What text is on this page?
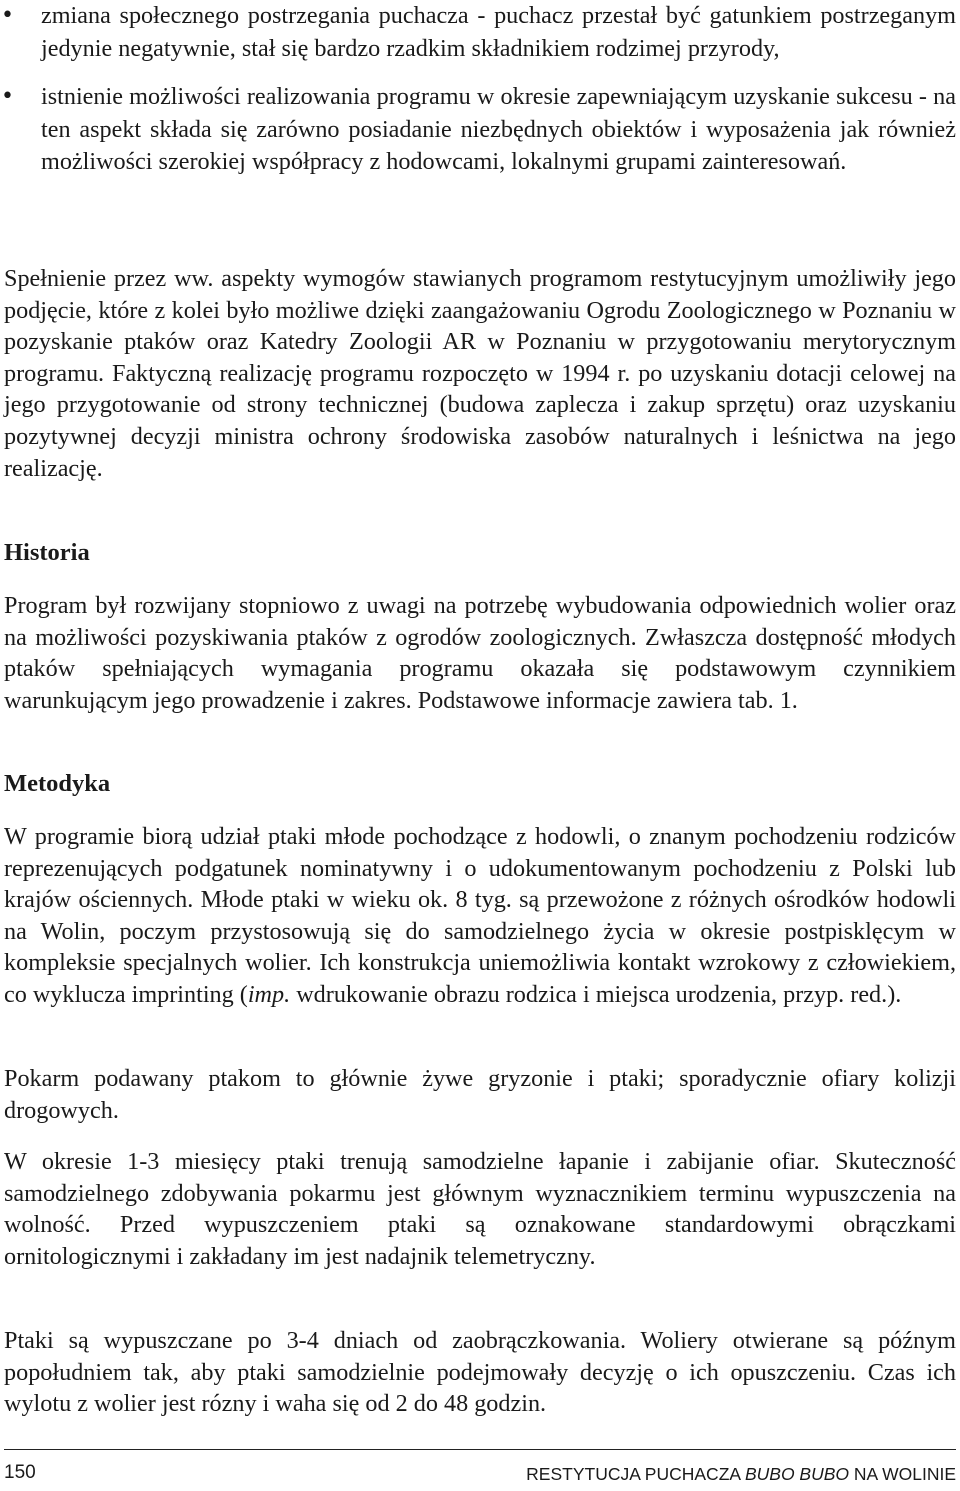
• zmiana społecznego postrzegania puchacza - puchacz przestał być gatunkiem postrzeganym jedynie negatywnie, stał się bardzo rzadkim składnikiem rodzimej przyrody,
• istnienie możliwości realizowania programu w okresie zapewniającym uzyskanie sukcesu - na ten aspekt składa się zarówno posiadanie niezbędnych obiektów i wyposażenia jak również możliwości szerokiej współpracy z hodowcami, lokalnymi grupami zainteresowań.

Spełnienie przez ww. aspekty wymogów stawianych programom restytucyjnym umożliwiły jego podjęcie, które z kolei było możliwe dzięki zaangażowaniu Ogrodu Zoologicznego w Poznaniu w pozyskanie ptaków oraz Katedry Zoologii AR w Poznaniu w przygotowaniu merytorycznym programu. Faktyczną realizację programu rozpoczęto w 1994 r. po uzyskaniu dotacji celowej na jego przygotowanie od strony technicznej (budowa zaplecza i zakup sprzętu) oraz uzyskaniu pozytywnej decyzji ministra ochrony środowiska zasobów naturalnych i leśnictwa na jego realizację.

Historia

Program był rozwijany stopniowo z uwagi na potrzebę wybudowania odpowiednich wolier oraz na możliwości pozyskiwania ptaków z ogrodów zoologicznych. Zwłaszcza dostępność młodych ptaków spełniających wymagania programu okazała się podstawowym czynnikiem warunkującym jego prowadzenie i zakres. Podstawowe informacje zawiera tab. 1.

Metodyka

W programie biorą udział ptaki młode pochodzące z hodowli, o znanym pochodzeniu rodziców reprezenujących podgatunek nominatywny i o udokumentowanym pochodzeniu z Polski lub krajów ościennych. Młode ptaki w wieku ok. 8 tyg. są przewożone z różnych ośrodków hodowli na Wolin, poczym przystosowują się do samodzielnego życia w okresie postpisklęcym w kompleksie specjalnych wolier. Ich konstrukcja uniemożliwia kontakt wzrokowy z człowiekiem, co wyklucza imprinting (imp. wdrukowanie obrazu rodzica i miejsca urodzenia, przyp. red.).

Pokarm podawany ptakom to głównie żywe gryzonie i ptaki; sporadycznie ofiary kolizji drogowych.

W okresie 1-3 miesięcy ptaki trenują samodzielne łapanie i zabijanie ofiar. Skuteczność samodzielnego zdobywania pokarmu jest głównym wyznacznikiem terminu wypuszczenia na wolność. Przed wypuszczeniem ptaki są oznakowane standardowymi obrączkami ornitologicznymi i zakładany im jest nadajnik telemetryczny.

Ptaki są wypuszczane po 3-4 dniach od zaobrączkowania. Woliery otwierane są późnym popołudniem tak, aby ptaki samodzielnie podejmowały decyzję o ich opuszczeniu. Czas ich wylotu z wolier jest rózny i waha się od 2 do 48 godzin.

150	RESTYTUCJA PUCHACZA BUBO BUBO NA WOLINIE
